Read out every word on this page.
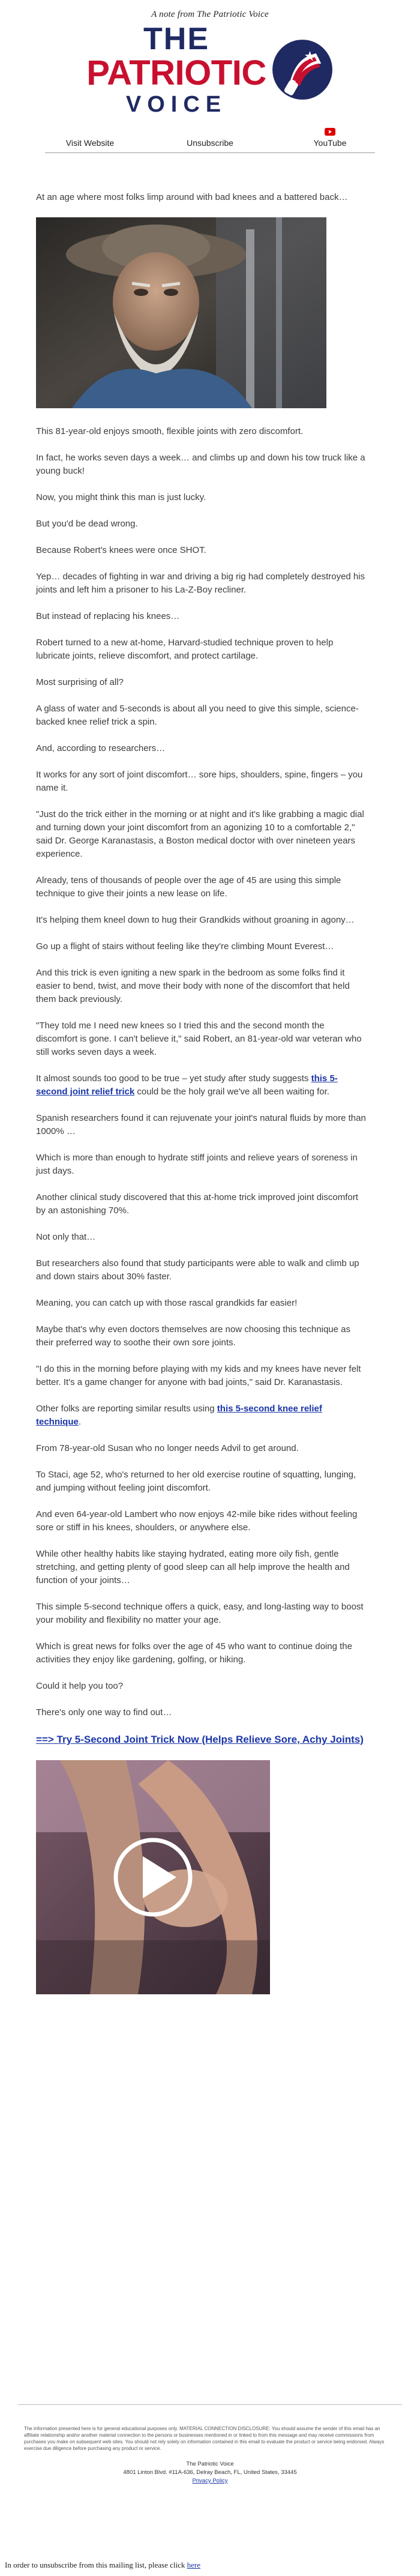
A note from The Patriotic Voice
THE
PATRIOTIC
VOICE
Visit Website	Unsubscribe	YouTube

At an age where most folks limp around with bad knees and a battered back…

This 81-year-old enjoys smooth, flexible joints with zero discomfort.

In fact, he works seven days a week… and climbs up and down his tow truck like a young buck!

Now, you might think this man is just lucky.

But you'd be dead wrong.

Because Robert's knees were once SHOT.

Yep… decades of fighting in war and driving a big rig had completely destroyed his joints and left him a prisoner to his La-Z-Boy recliner.

But instead of replacing his knees…

Robert turned to a new at-home, Harvard-studied technique proven to help lubricate joints, relieve discomfort, and protect cartilage.

Most surprising of all?

A glass of water and 5-seconds is about all you need to give this simple, science-backed knee relief trick a spin.

And, according to researchers…

It works for any sort of joint discomfort… sore hips, shoulders, spine, fingers – you name it.

"Just do the trick either in the morning or at night and it's like grabbing a magic dial and turning down your joint discomfort from an agonizing 10 to a comfortable 2," said Dr. George Karanastasis, a Boston medical doctor with over nineteen years experience.

Already, tens of thousands of people over the age of 45 are using this simple technique to give their joints a new lease on life.

It's helping them kneel down to hug their Grandkids without groaning in agony…

Go up a flight of stairs without feeling like they're climbing Mount Everest…

And this trick is even igniting a new spark in the bedroom as some folks find it easier to bend, twist, and move their body with none of the discomfort that held them back previously.

"They told me I need new knees so I tried this and the second month the discomfort is gone. I can't believe it," said Robert, an 81-year-old war veteran who still works seven days a week.

It almost sounds too good to be true – yet study after study suggests this 5-second joint relief trick could be the holy grail we've all been waiting for.

Spanish researchers found it can rejuvenate your joint's natural fluids by more than 1000% …

Which is more than enough to hydrate stiff joints and relieve years of soreness in just days.

Another clinical study discovered that this at-home trick improved joint discomfort by an astonishing 70%.

Not only that…

But researchers also found that study participants were able to walk and climb up and down stairs about 30% faster.

Meaning, you can catch up with those rascal grandkids far easier!

Maybe that's why even doctors themselves are now choosing this technique as their preferred way to soothe their own sore joints.

"I do this in the morning before playing with my kids and my knees have never felt better. It's a game changer for anyone with bad joints," said Dr. Karanastasis.

Other folks are reporting similar results using this 5-second knee relief technique.

From 78-year-old Susan who no longer needs Advil to get around.

To Staci, age 52, who's returned to her old exercise routine of squatting, lunging, and jumping without feeling joint discomfort.

And even 64-year-old Lambert who now enjoys 42-mile bike rides without feeling sore or stiff in his knees, shoulders, or anywhere else.

While other healthy habits like staying hydrated, eating more oily fish, gentle stretching, and getting plenty of good sleep can all help improve the health and function of your joints…

This simple 5-second technique offers a quick, easy, and long-lasting way to boost your mobility and flexibility no matter your age.

Which is great news for folks over the age of 45 who want to continue doing the activities they enjoy like gardening, golfing, or hiking.

Could it help you too?

There's only one way to find out…

==> Try 5-Second Joint Trick Now (Helps Relieve Sore, Achy Joints)

The information presented here is for general educational purposes only. MATERIAL CONNECTION DISCLOSURE: You should assume the sender of this email has an affiliate relationship and/or another material connection to the persons or businesses mentioned in or linked to from this message and may receive commissions from purchases you make on subsequent web sites. You should not rely solely on information contained in this email to evaluate the product or service being endorsed. Always exercise due diligence before purchasing any product or service.
The Patriotic Voice
4801 Linton Blvd. #11A-636, Delray Beach, FL, United States, 33445
Privacy Policy
In order to unsubscribe from this mailing list, please click here
